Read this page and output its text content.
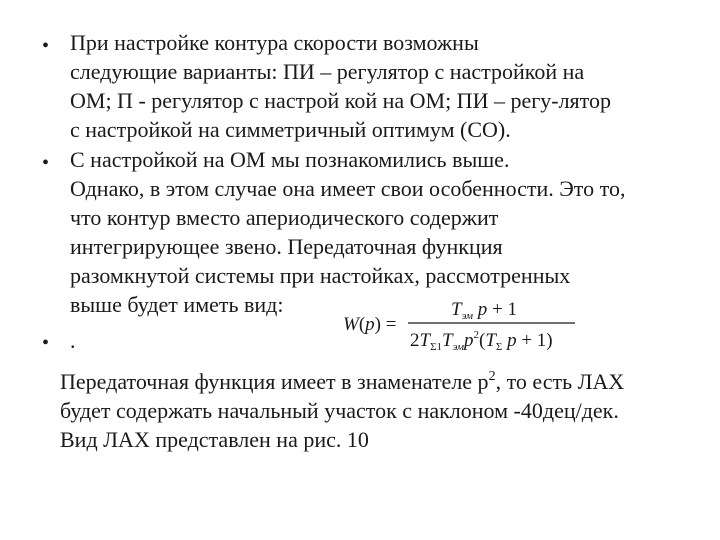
• При настройке контура скорости возможны
следующие варианты: ПИ – регулятор с настройкой на
ОМ; П - регулятор с настрой кой на ОМ; ПИ – регу-лятор
с настройкой на симметричный оптимум (СО).
• С настройкой на ОМ мы познакомились выше.
Однако, в этом случае она имеет свои особенности. Это то,
что контур вместо апериодического содержит
интегрирующее звено. Передаточная функция
разомкнутой системы при настойках, рассмотренных
выше будет иметь вид:
• .
W(p) =
$T_{эм}$ p + 1
$2T_{\Sigma 1}T_{эм}p^2(T_\Sigma$ p + 1)
Передаточная функция имеет в знаменателе $р^2$, то есть ЛАХ
будет содержать начальный участок с наклоном -40дец/дек.
Вид ЛАХ представлен на рис. 10
